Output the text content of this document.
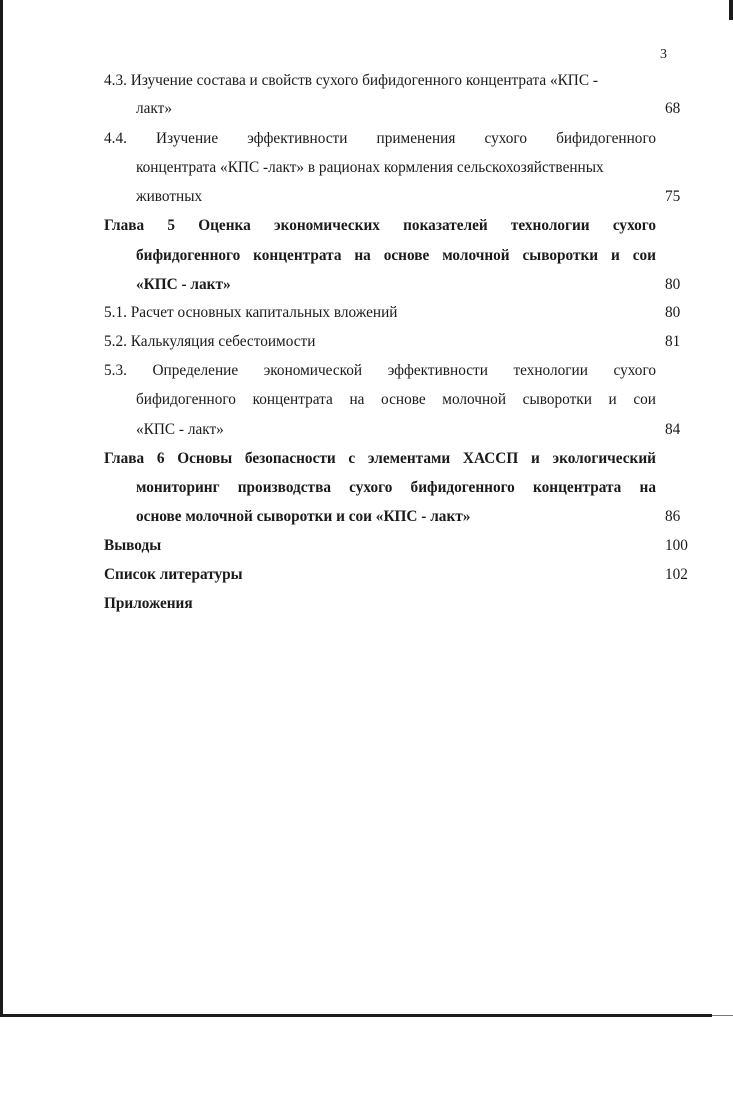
3
4.3. Изучение состава и свойств сухого бифидогенного концентрата «КПС -
лакт»	68
4.4. Изучение эффективности применения сухого бифидогенного
концентрата «КПС -лакт» в рационах кормления сельскохозяйственных
животных	75
Глава 5 Оценка экономических показателей технологии сухого
бифидогенного концентрата на основе молочной сыворотки и сои
«КПС - лакт»	80
5.1. Расчет основных капитальных вложений	80
5.2. Калькуляция себестоимости	81
5.3. Определение экономической эффективности технологии сухого
бифидогенного концентрата на основе молочной сыворотки и сои
«КПС - лакт»	84
Глава 6 Основы безопасности с элементами ХАССП и экологический
мониторинг производства сухого бифидогенного концентрата на
основе молочной сыворотки и сои «КПС - лакт»	86
Выводы	100
Список литературы	102
Приложения
